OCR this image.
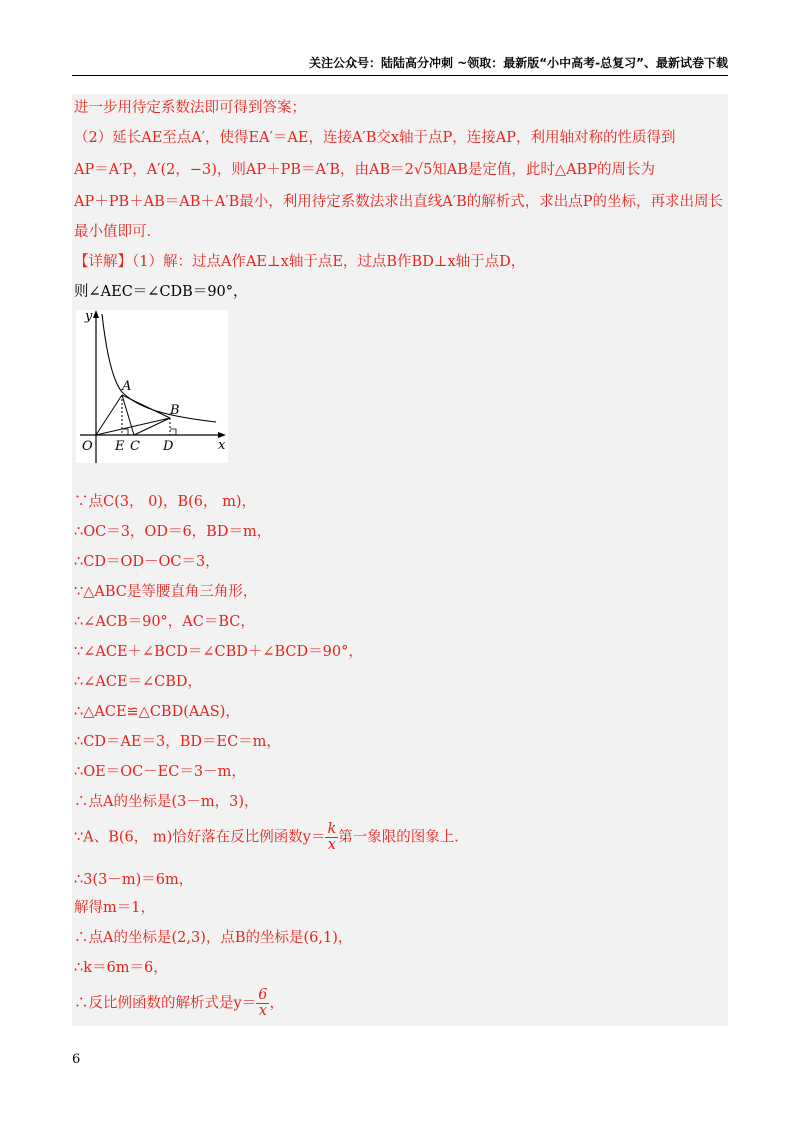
关注公众号：陆陆高分冲刺 ~领取：最新版“小中高考-总复习”、最新试卷下载
进一步用待定系数法即可得到答案；
（2）延长AE至点A′，使得EA′＝AE，连接A′B交x轴于点P，连接AP，利用轴对称的性质得到
AP＝A′P，A′(2，−3)，则AP＋PB＝A′B，由AB＝2√5知AB是定值，此时△ABP的周长为
AP＋PB＋AB＝AB＋A′B最小，利用待定系数法求出直线A′B的解析式，求出点P的坐标，再求出周长
最小值即可．
【详解】（1）解：过点A作AE⊥x轴于点E，过点B作BD⊥x轴于点D，
则∠AEC＝∠CDB＝90°，
∵点C(3， 0)，B(6， m)，
∴OC＝3，OD＝6，BD＝m，
∴CD＝OD－OC＝3，
∵△ABC是等腰直角三角形，
∴∠ACB＝90°，AC＝BC，
∵∠ACE＋∠BCD＝∠CBD＋∠BCD＝90°，
∴∠ACE＝∠CBD，
∴△ACE≌△CBD(AAS)，
∴CD＝AE＝3，BD＝EC＝m，
∴OE＝OC－EC＝3－m，
∴点A的坐标是(3－m，3)，
∵A、B(6， m)恰好落在反比例函数$y= \frac{k}{x}$ 第一象限的图象上．
∴3(3－m)＝6m，
解得m＝1，
∴点A的坐标是(2,3)，点B的坐标是(6,1)，
∴k＝6m＝6，
∴反比例函数的解析式是$y= \frac{6}{x}$ ，
y
x
O E C D
A
B
6
